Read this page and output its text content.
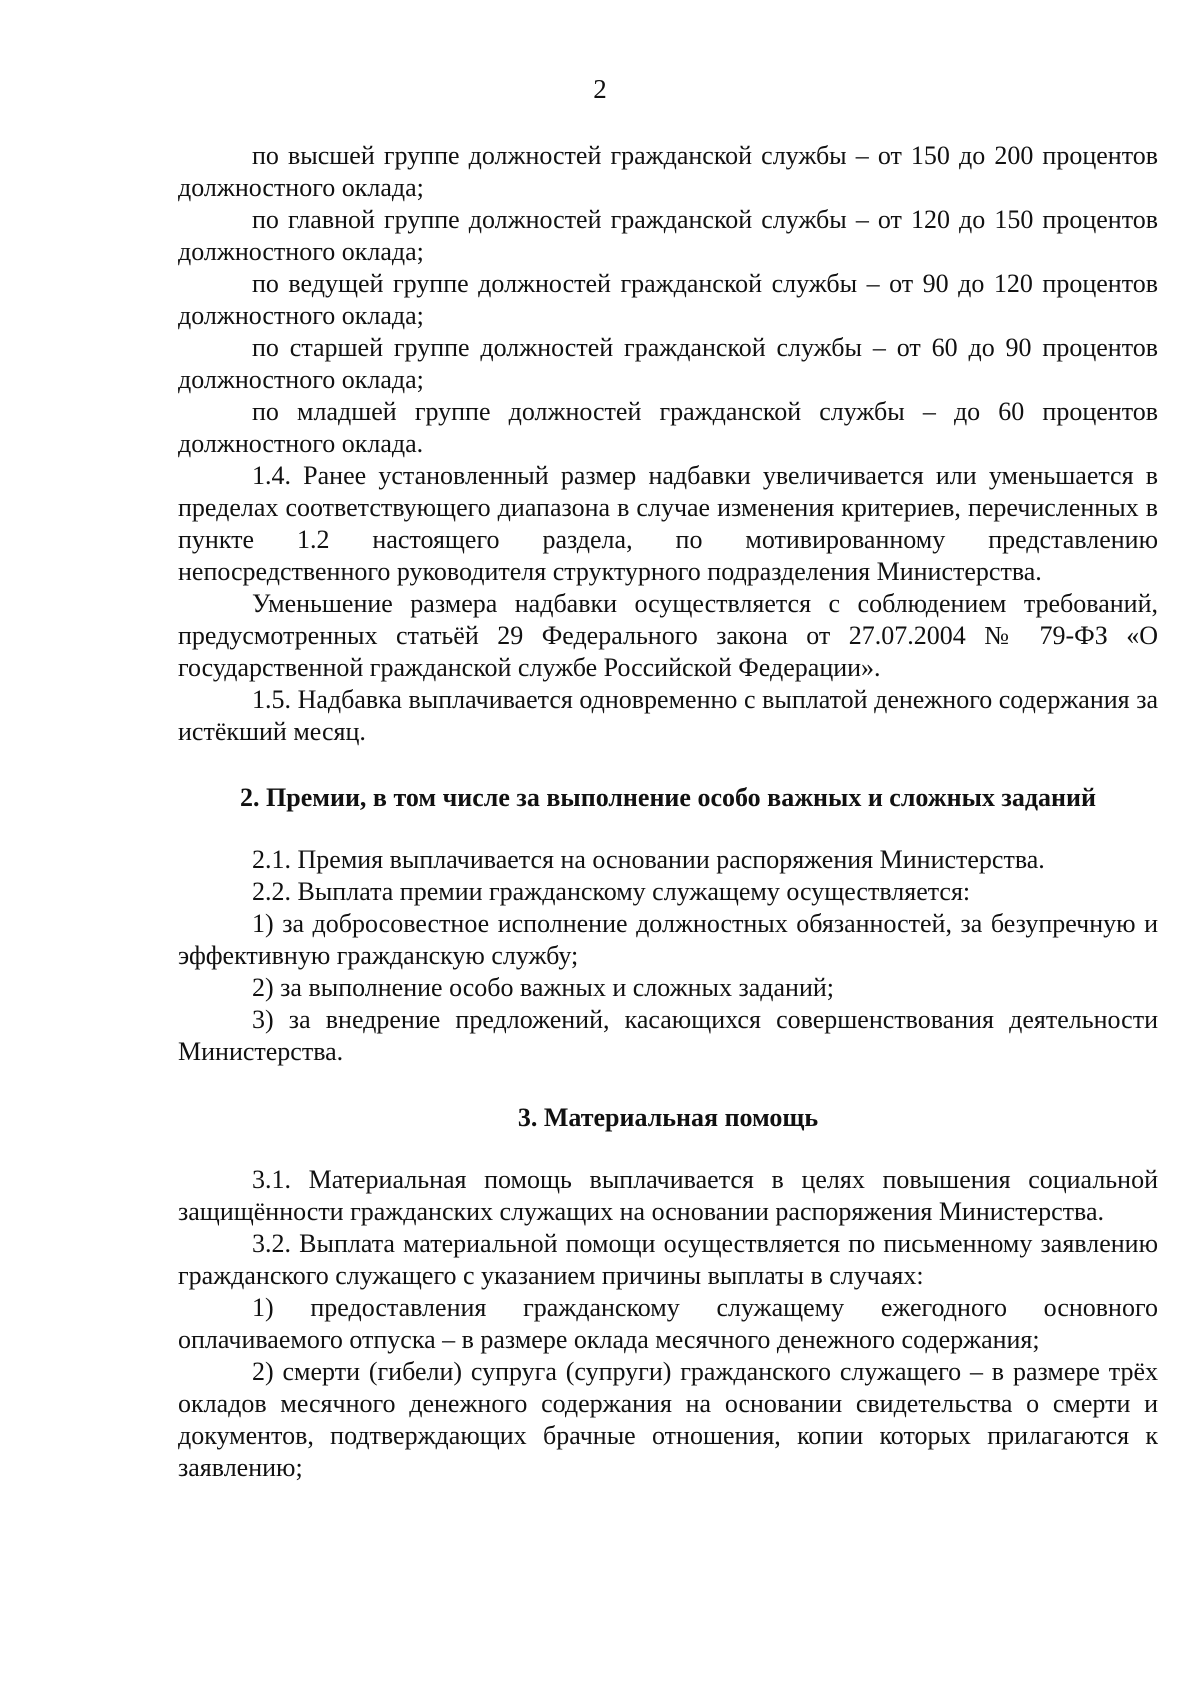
2

по высшей группе должностей гражданской службы – от 150 до 200 процентов должностного оклада;

по главной группе должностей гражданской службы – от 120 до 150 процентов должностного оклада;

по ведущей группе должностей гражданской службы – от 90 до 120 процентов должностного оклада;

по старшей группе должностей гражданской службы – от 60 до 90 процентов должностного оклада;

по младшей группе должностей гражданской службы – до 60 процентов должностного оклада.

1.4. Ранее установленный размер надбавки увеличивается или уменьшается в пределах соответствующего диапазона в случае изменения критериев, перечисленных в пункте 1.2 настоящего раздела, по мотивированному представлению непосредственного руководителя структурного подразделения Министерства.

Уменьшение размера надбавки осуществляется с соблюдением требований, предусмотренных статьёй 29 Федерального закона от 27.07.2004 № 79-ФЗ «О государственной гражданской службе Российской Федерации».

1.5. Надбавка выплачивается одновременно с выплатой денежного содержания за истёкший месяц.

2. Премии, в том числе за выполнение особо важных и сложных заданий

2.1. Премия выплачивается на основании распоряжения Министерства.

2.2. Выплата премии гражданскому служащему осуществляется:

1) за добросовестное исполнение должностных обязанностей, за безупречную и эффективную гражданскую службу;

2) за выполнение особо важных и сложных заданий;

3) за внедрение предложений, касающихся совершенствования деятельности Министерства.

3. Материальная помощь

3.1. Материальная помощь выплачивается в целях повышения социальной защищённости гражданских служащих на основании распоряжения Министерства.

3.2. Выплата материальной помощи осуществляется по письменному заявлению гражданского служащего с указанием причины выплаты в случаях:

1) предоставления гражданскому служащему ежегодного основного оплачиваемого отпуска – в размере оклада месячного денежного содержания;

2) смерти (гибели) супруга (супруги) гражданского служащего – в размере трёх окладов месячного денежного содержания на основании свидетельства о смерти и документов, подтверждающих брачные отношения, копии которых прилагаются к заявлению;
